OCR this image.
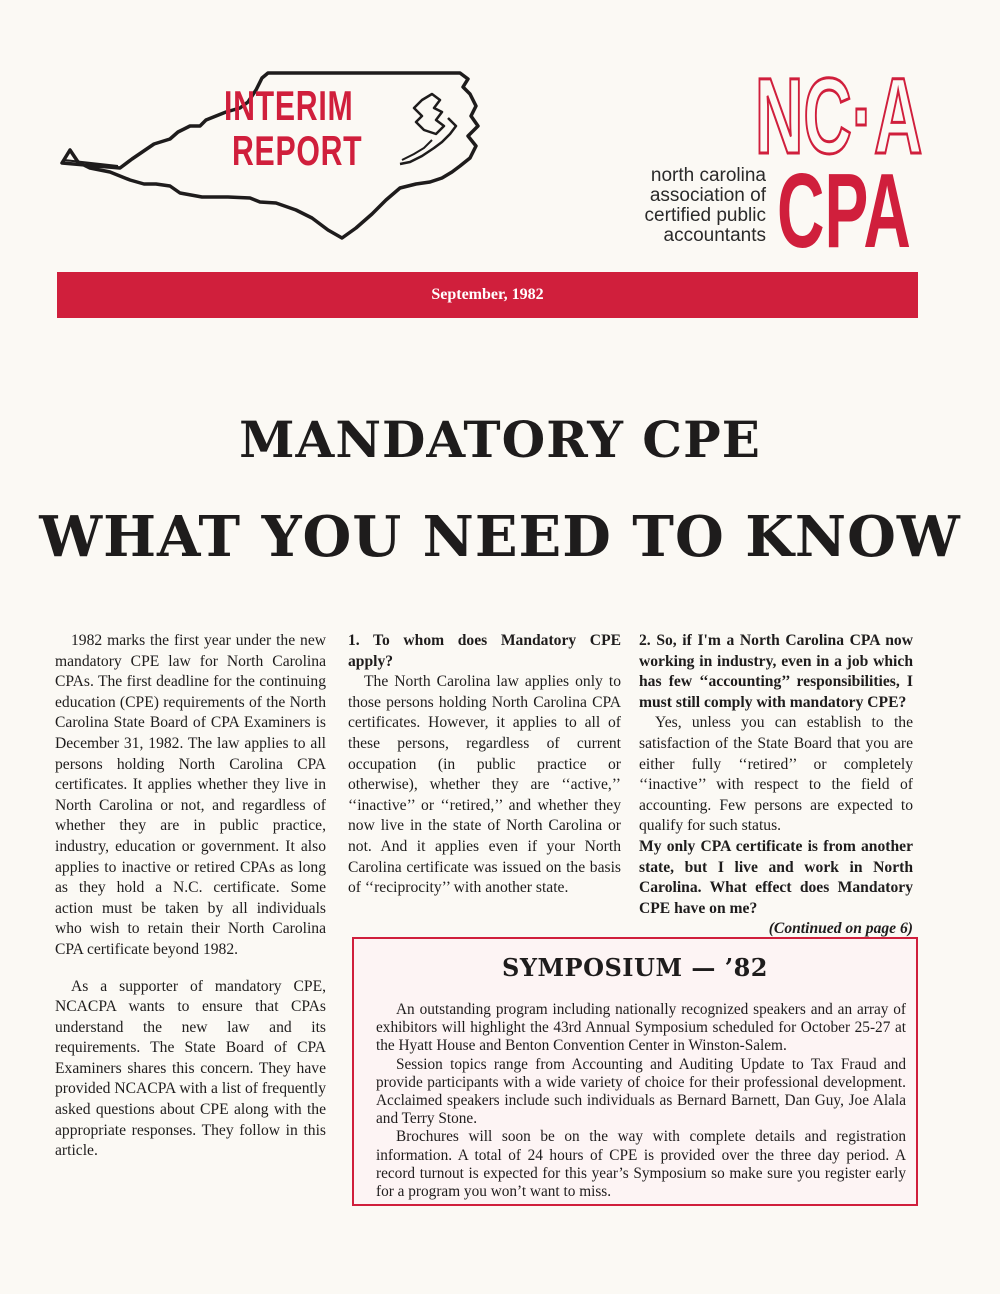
INTERIM
REPORT
north carolina
association of
certified public
accountants
NC·A
CPA
September, 1982
MANDATORY CPE
WHAT YOU NEED TO KNOW

1982 marks the first year under the new mandatory CPE law for North Carolina CPAs. The first deadline for the continuing education (CPE) requirements of the North Carolina State Board of CPA Examiners is December 31, 1982. The law applies to all persons holding North Carolina CPA certificates. It applies whether they live in North Carolina or not, and regardless of whether they are in public practice, industry, education or government. It also applies to inactive or retired CPAs as long as they hold a N.C. certificate. Some action must be taken by all individuals who wish to retain their North Carolina CPA certificate beyond 1982.

As a supporter of mandatory CPE, NCACPA wants to ensure that CPAs understand the new law and its requirements. The State Board of CPA Examiners shares this concern. They have provided NCACPA with a list of frequently asked questions about CPE along with the appropriate responses. They follow in this article.

1. To whom does Mandatory CPE apply?

The North Carolina law applies only to those persons holding North Carolina CPA certificates. However, it applies to all of these persons, regardless of current occupation (in public practice or otherwise), whether they are ‘‘active,’’ ‘‘inactive’’ or ‘‘retired,’’ and whether they now live in the state of North Carolina or not. And it applies even if your North Carolina certificate was issued on the basis of ‘‘reciprocity’’ with another state.

2. So, if I'm a North Carolina CPA now working in industry, even in a job which has few ‘‘accounting’’ responsibilities, I must still comply with mandatory CPE?

Yes, unless you can establish to the satisfaction of the State Board that you are either fully ‘‘retired’’ or completely ‘‘inactive’’ with respect to the field of accounting. Few persons are expected to qualify for such status.

My only CPA certificate is from another state, but I live and work in North Carolina. What effect does Mandatory CPE have on me?

(Continued on page 6)

SYMPOSIUM — ’82

An outstanding program including nationally recognized speakers and an array of exhibitors will highlight the 43rd Annual Symposium scheduled for October 25-27 at the Hyatt House and Benton Convention Center in Winston-Salem.

Session topics range from Accounting and Auditing Update to Tax Fraud and provide participants with a wide variety of choice for their professional development. Acclaimed speakers include such individuals as Bernard Barnett, Dan Guy, Joe Alala and Terry Stone.

Brochures will soon be on the way with complete details and registration information. A total of 24 hours of CPE is provided over the three day period. A record turnout is expected for this year’s Symposium so make sure you register early for a program you won’t want to miss.
